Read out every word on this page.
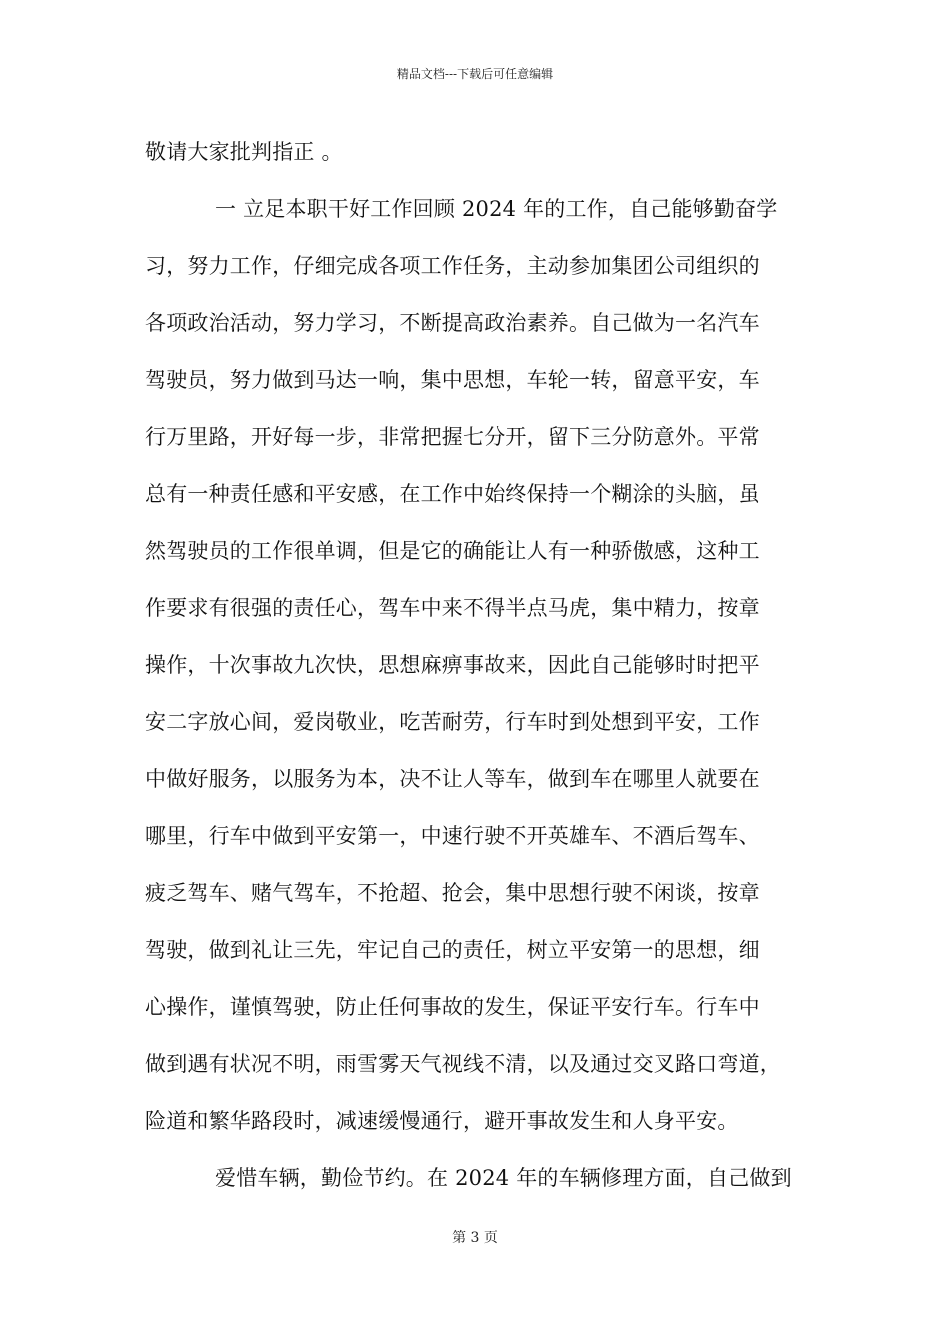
精品文档---下载后可任意编辑
敬请大家批判指正 。
一 立足本职干好工作回顾 2024 年的工作，自己能够勤奋学
习，努力工作，仔细完成各项工作任务，主动参加集团公司组织的
各项政治活动，努力学习，不断提高政治素养。自己做为一名汽车
驾驶员，努力做到马达一响，集中思想，车轮一转，留意平安，车
行万里路，开好每一步，非常把握七分开，留下三分防意外。平常
总有一种责任感和平安感，在工作中始终保持一个糊涂的头脑，虽
然驾驶员的工作很单调，但是它的确能让人有一种骄傲感，这种工
作要求有很强的责任心，驾车中来不得半点马虎，集中精力，按章
操作，十次事故九次快，思想麻痹事故来，因此自己能够时时把平
安二字放心间，爱岗敬业，吃苦耐劳，行车时到处想到平安，工作
中做好服务，以服务为本，决不让人等车，做到车在哪里人就要在
哪里，行车中做到平安第一，中速行驶不开英雄车、不酒后驾车、
疲乏驾车、赌气驾车，不抢超、抢会，集中思想行驶不闲谈，按章
驾驶，做到礼让三先，牢记自己的责任，树立平安第一的思想，细
心操作，谨慎驾驶，防止任何事故的发生，保证平安行车。行车中
做到遇有状况不明，雨雪雾天气视线不清，以及通过交叉路口弯道，
险道和繁华路段时，减速缓慢通行，避开事故发生和人身平安。
爱惜车辆，勤俭节约。在 2024 年的车辆修理方面，自己做到
第 3 页
